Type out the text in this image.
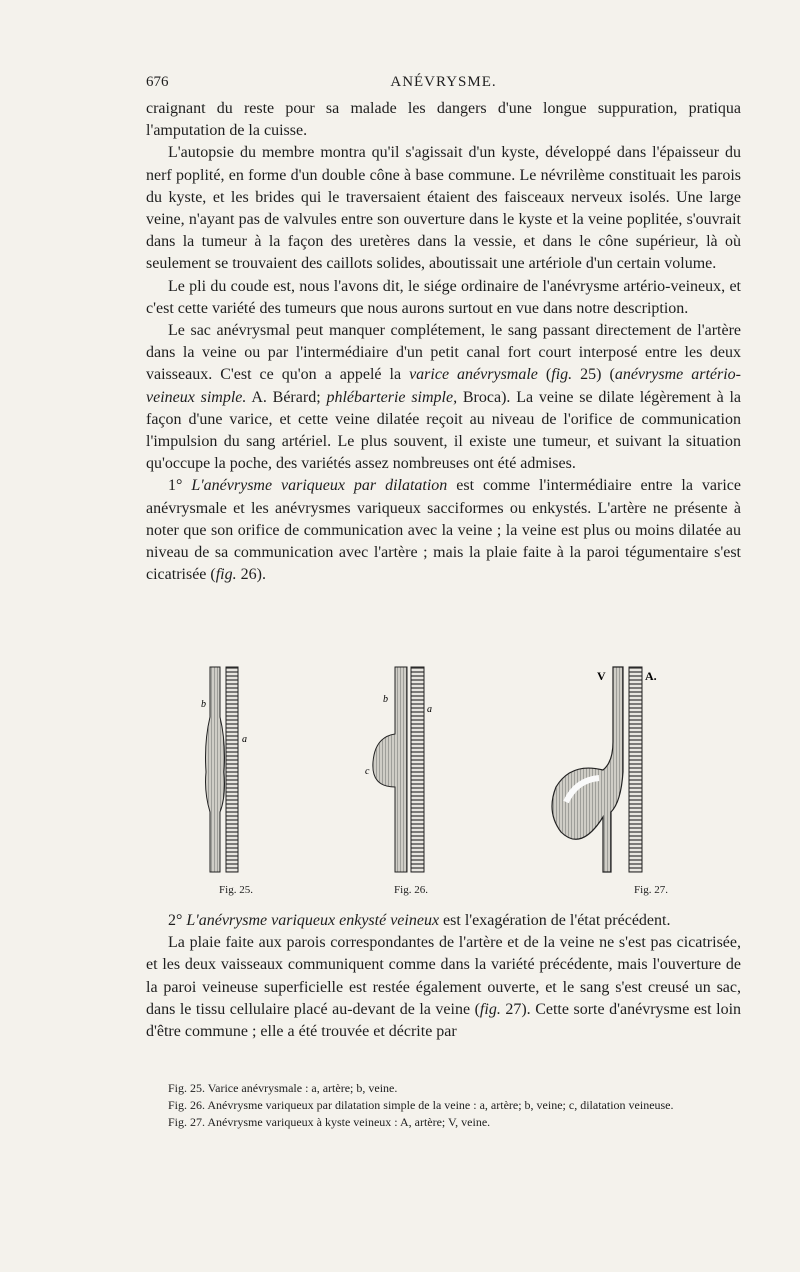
676	ANÉVRYSME.

craignant du reste pour sa malade les dangers d'une longue suppuration, pratiqua l'amputation de la cuisse.

L'autopsie du membre montra qu'il s'agissait d'un kyste, développé dans l'épaisseur du nerf poplité, en forme d'un double cône à base commune. Le névrilème constituait les parois du kyste, et les brides qui le traversaient étaient des faisceaux nerveux isolés. Une large veine, n'ayant pas de valvules entre son ouverture dans le kyste et la veine poplitée, s'ouvrait dans la tumeur à la façon des uretères dans la vessie, et dans le cône supérieur, là où seulement se trouvaient des caillots solides, aboutissait une artériole d'un certain volume.

Le pli du coude est, nous l'avons dit, le siége ordinaire de l'anévrysme artério-veineux, et c'est cette variété des tumeurs que nous aurons surtout en vue dans notre description.

Le sac anévrysmal peut manquer complétement, le sang passant directement de l'artère dans la veine ou par l'intermédiaire d'un petit canal fort court interposé entre les deux vaisseaux. C'est ce qu'on a appelé la varice anévrysmale (fig. 25) (anévrysme artério-veineux simple. A. Bérard; phlébarterie simple, Broca). La veine se dilate légèrement à la façon d'une varice, et cette veine dilatée reçoit au niveau de l'orifice de communication l'impulsion du sang artériel. Le plus souvent, il existe une tumeur, et suivant la situation qu'occupe la poche, des variétés assez nombreuses ont été admises.

1° L'anévrysme variqueux par dilatation est comme l'intermédiaire entre la varice anévrysmale et les anévrysmes variqueux sacciformes ou enkystés. L'artère ne présente à noter que son orifice de communication avec la veine ; la veine est plus ou moins dilatée au niveau de sa communication avec l'artère ; mais la plaie faite à la paroi tégumentaire s'est cicatrisée (fig. 26).

b
a
Fig. 25.
b
a
c
Fig. 26.
V	A.
Fig. 27.

2° L'anévrysme variqueux enkysté veineux est l'exagération de l'état précédent.

La plaie faite aux parois correspondantes de l'artère et de la veine ne s'est pas cicatrisée, et les deux vaisseaux communiquent comme dans la variété précédente, mais l'ouverture de la paroi veineuse superficielle est restée également ouverte, et le sang s'est creusé un sac, dans le tissu cellulaire placé au-devant de la veine (fig. 27). Cette sorte d'anévrysme est loin d'être commune ; elle a été trouvée et décrite par

Fig. 25. Varice anévrysmale : a, artère; b, veine.
Fig. 26. Anévrysme variqueux par dilatation simple de la veine : a, artère; b, veine; c, dilatation veineuse.
Fig. 27. Anévrysme variqueux à kyste veineux : A, artère; V, veine.
